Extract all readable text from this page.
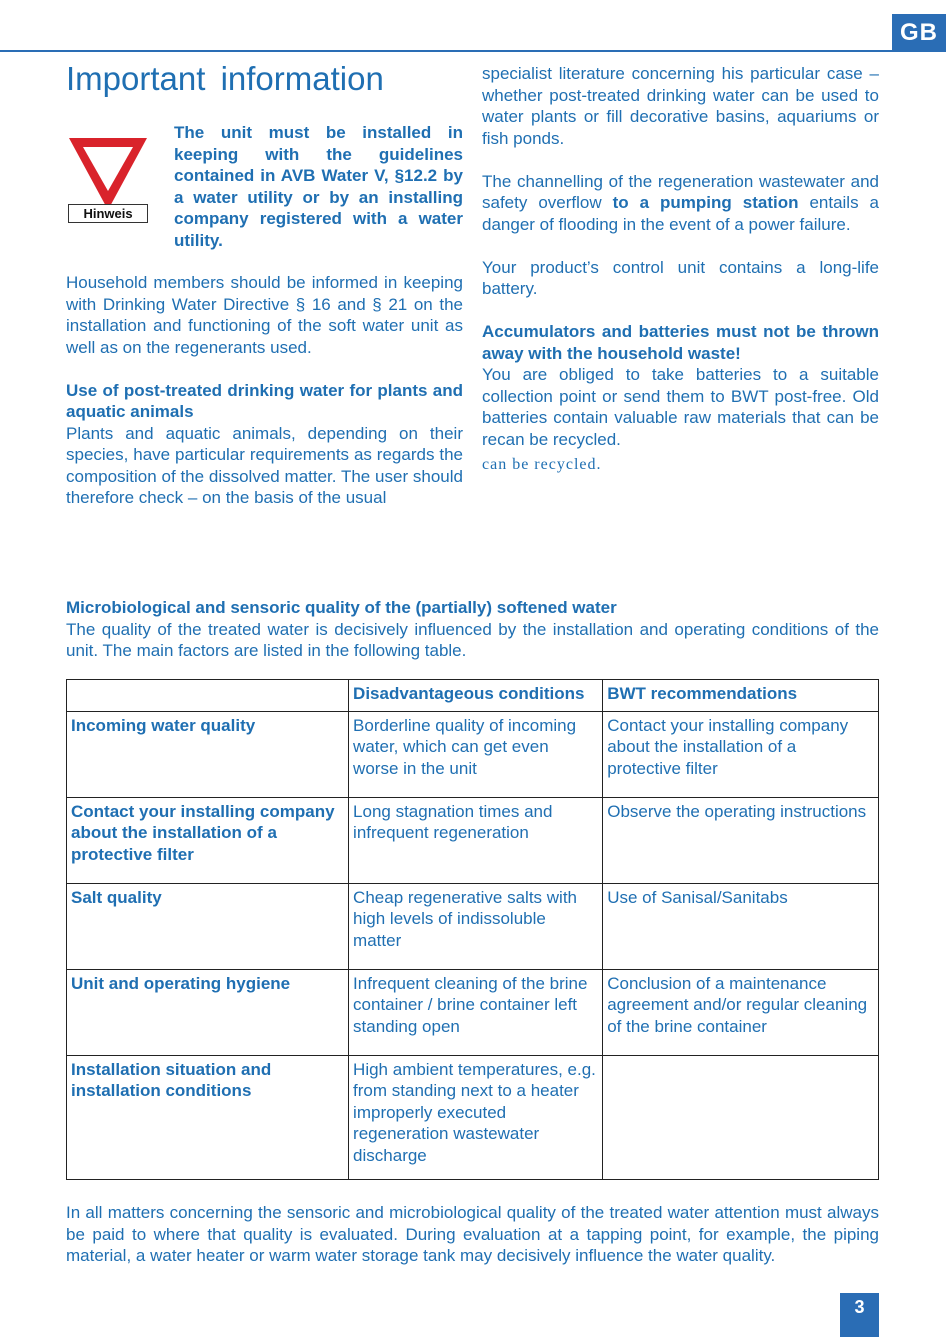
GB
Important information
Hinweis
The unit must be installed in keeping with the guidelines contained in AVB Water V, §12.2 by a water utility or by an installing company registered with a water utility.

Household members should be informed in keeping with Drinking Water Directive § 16 and § 21 on the installation and functioning of the soft water unit as well as on the regenerants used.

Use of post-treated drinking water for plants and aquatic animals
Plants and aquatic animals, depending on their species, have particular requirements as regards the composition of the dissolved matter. The user should therefore check – on the basis of the usual

specialist literature concerning his particular case – whether post-treated drinking water can be used to water plants or fill decorative basins, aquariums or fish ponds.

The channelling of the regeneration wastewater and safety overflow to a pumping station entails a danger of flooding in the event of a power failure.

Your product’s control unit contains a long-life battery.

Accumulators and batteries must not be thrown away with the household waste!
You are obliged to take batteries to a suitable collection point or send them to BWT post-free. Old batteries contain valuable raw materials that can be recan be recycled.

can be recycled.

Microbiological and sensoric quality of the (partially) softened water

The quality of the treated water is decisively influenced by the installation and operating conditions of the unit. The main factors are listed in the following table.

	Disadvantageous conditions	BWT recommendations
Incoming water quality	Borderline quality of incoming water, which can get even worse in the unit	Contact your installing company about the installation of a protective filter
Contact your installing company about the installation of a protective filter	Long stagnation times and infrequent regeneration	Observe the operating instructions
Salt quality	Cheap regenerative salts with high levels of indissoluble matter	Use of Sanisal/Sanitabs
Unit and operating hygiene	Infrequent cleaning of the brine container / brine container left standing open	Conclusion of a maintenance agreement and/or regular cleaning of the brine container
Installation situation and installation conditions	High ambient temperatures, e.g. from standing next to a heater improperly executed regeneration wastewater discharge	

In all matters concerning the sensoric and microbiological quality of the treated water attention must always be paid to where that quality is evaluated. During evaluation at a tapping point, for example, the piping material, a water heater or warm water storage tank may decisively influence the water quality.

3
